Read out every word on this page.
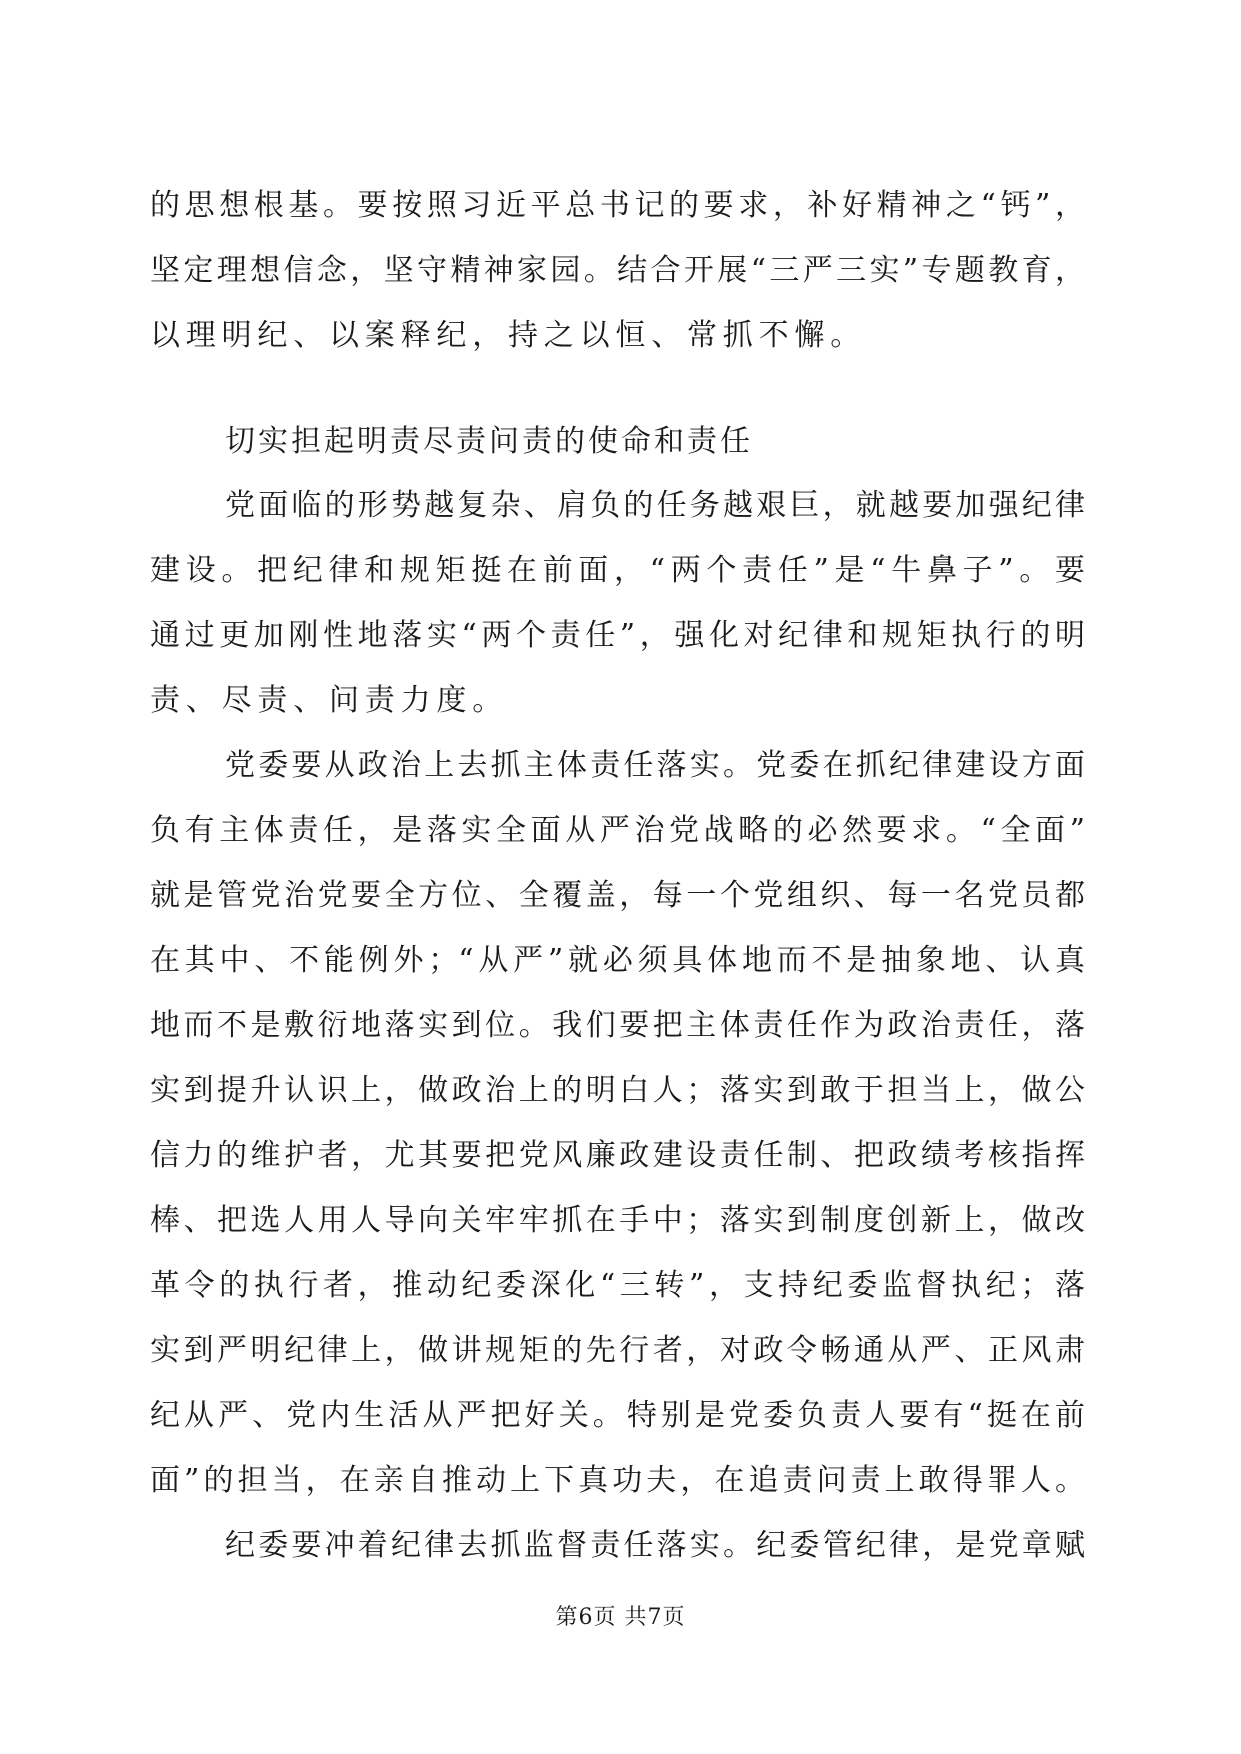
的思想根基。要按照习近平总书记的要求，补好精神之“钙”，
坚定理想信念，坚守精神家园。结合开展“三严三实”专题教育，
以理明纪、以案释纪，持之以恒、常抓不懈。
切实担起明责尽责问责的使命和责任
党面临的形势越复杂、肩负的任务越艰巨，就越要加强纪律
建设。把纪律和规矩挺在前面，“两个责任”是“牛鼻子”。要
通过更加刚性地落实“两个责任”，强化对纪律和规矩执行的明
责、尽责、问责力度。
党委要从政治上去抓主体责任落实。党委在抓纪律建设方面
负有主体责任，是落实全面从严治党战略的必然要求。“全面”
就是管党治党要全方位、全覆盖，每一个党组织、每一名党员都
在其中、不能例外；“从严”就必须具体地而不是抽象地、认真
地而不是敷衍地落实到位。我们要把主体责任作为政治责任，落
实到提升认识上，做政治上的明白人；落实到敢于担当上，做公
信力的维护者，尤其要把党风廉政建设责任制、把政绩考核指挥
棒、把选人用人导向关牢牢抓在手中；落实到制度创新上，做改
革令的执行者，推动纪委深化“三转”，支持纪委监督执纪；落
实到严明纪律上，做讲规矩的先行者，对政令畅通从严、正风肃
纪从严、党内生活从严把好关。特别是党委负责人要有“挺在前
面”的担当，在亲自推动上下真功夫，在追责问责上敢得罪人。
纪委要冲着纪律去抓监督责任落实。纪委管纪律，是党章赋
第6页 共7页
